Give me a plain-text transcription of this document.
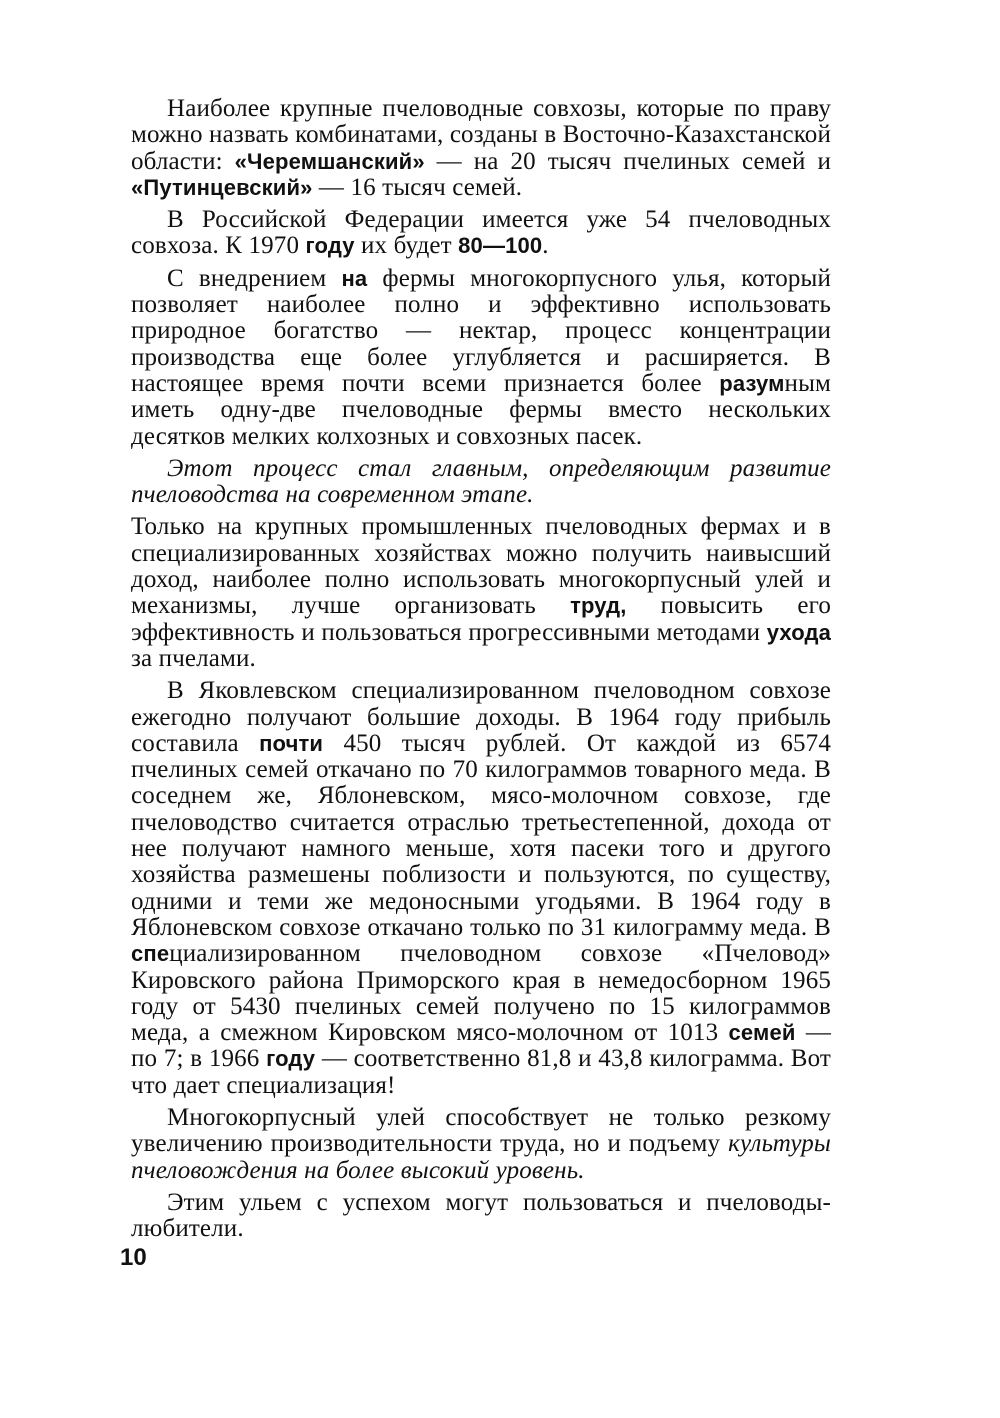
Наиболее крупные пчеловодные совхозы, которые по праву можно назвать комбинатами, созданы в Восточно-Казахстанской области: «Черемшанский» — на 20 тысяч пчелиных семей и «Путинцевский» — 16 тысяч семей.

В Российской Федерации имеется уже 54 пчеловодных совхоза. К 1970 году их будет 80—100.

С внедрением на фермы многокорпусного улья, который позволяет наиболее полно и эффективно использовать природное богатство — нектар, процесс концентрации производства еще более углубляется и расширяется. В настоящее время почти всеми признается более разумным иметь одну-две пчеловодные фермы вместо нескольких десятков мелких колхозных и совхозных пасек.

Этот процесс стал главным, определяющим развитие пчеловодства на современном этапе.

Только на крупных промышленных пчеловодных фермах и в специализированных хозяйствах можно получить наивысший доход, наиболее полно использовать многокорпусный улей и механизмы, лучше организовать труд, повысить его эффективность и пользоваться прогрессивными методами ухода за пчелами.

В Яковлевском специализированном пчеловодном совхозе ежегодно получают большие доходы. В 1964 году прибыль составила почти 450 тысяч рублей. От каждой из 6574 пчелиных семей откачано по 70 килограммов товарного меда. В соседнем же, Яблоневском, мясо-молочном совхозе, где пчеловодство считается отраслью третьестепенной, дохода от нее получают намного меньше, хотя пасеки того и другого хозяйства размешены поблизости и пользуются, по существу, одними и теми же медоносными угодьями. В 1964 году в Яблоневском совхозе откачано только по 31 килограмму меда. В специализированном пчеловодном совхозе «Пчеловод» Кировского района Приморского края в немедосборном 1965 году от 5430 пчелиных семей получено по 15 килограммов меда, а смежном Кировском мясо-молочном от 1013 семей — по 7; в 1966 году — соответственно 81,8 и 43,8 килограмма. Вот что дает специализация!

Многокорпусный улей способствует не только резкому увеличению производительности труда, но и подъему культуры пчеловождения на более высокий уровень.

Этим ульем с успехом могут пользоваться и пчеловоды-любители.

10
